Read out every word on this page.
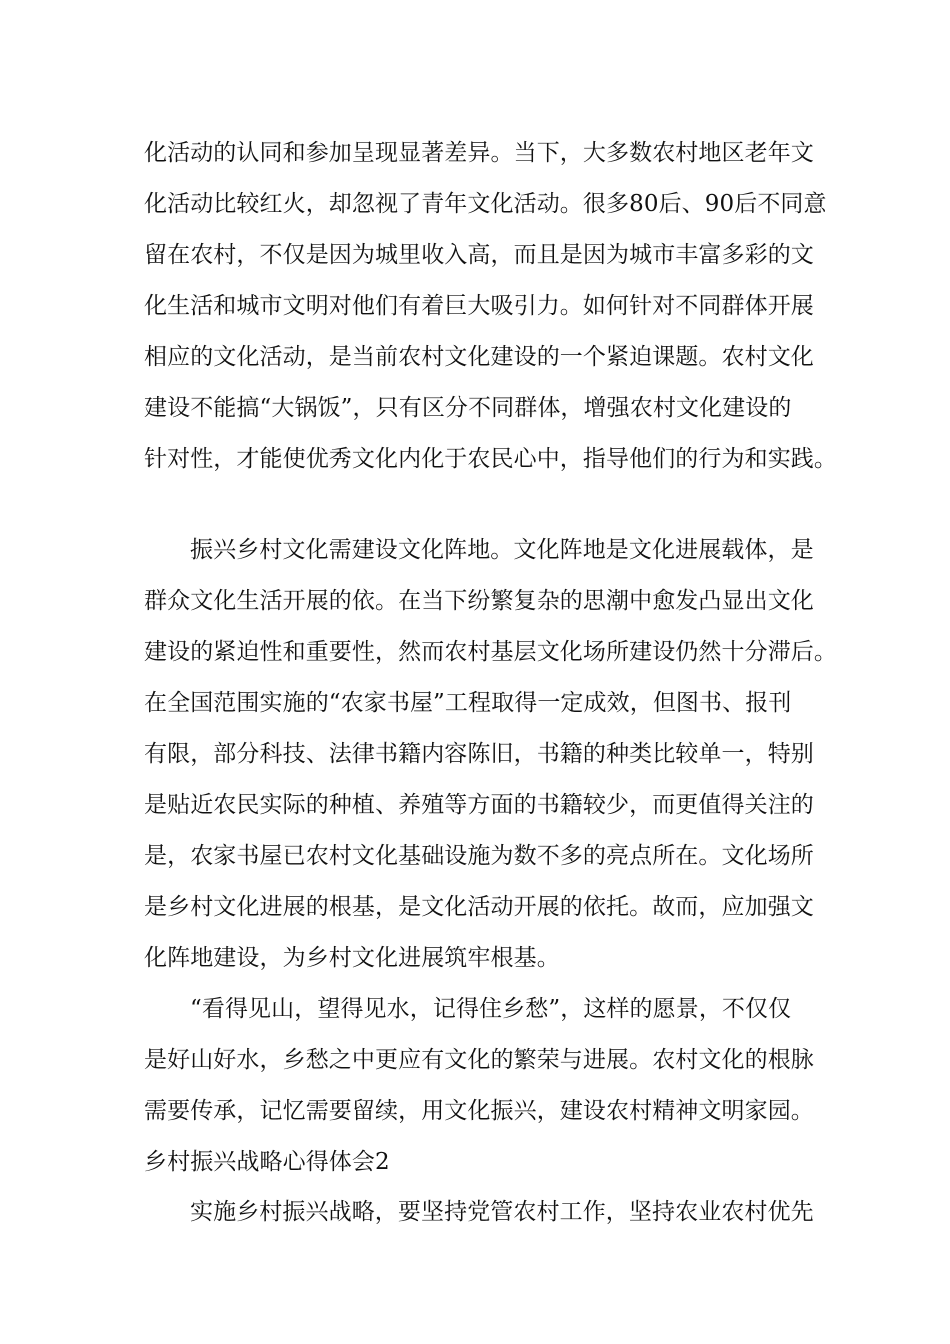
化活动的认同和参加呈现显著差异。当下，大多数农村地区老年文
化活动比较红火，却忽视了青年文化活动。很多80后、90后不同意
留在农村，不仅是因为城里收入高，而且是因为城市丰富多彩的文
化生活和城市文明对他们有着巨大吸引力。如何针对不同群体开展
相应的文化活动，是当前农村文化建设的一个紧迫课题。农村文化
建设不能搞“大锅饭”，只有区分不同群体，增强农村文化建设的
针对性，才能使优秀文化内化于农民心中，指导他们的行为和实践。
振兴乡村文化需建设文化阵地。文化阵地是文化进展载体，是
群众文化生活开展的依。在当下纷繁复杂的思潮中愈发凸显出文化
建设的紧迫性和重要性，然而农村基层文化场所建设仍然十分滞后。
在全国范围实施的“农家书屋”工程取得一定成效，但图书、报刊
有限，部分科技、法律书籍内容陈旧，书籍的种类比较单一，特别
是贴近农民实际的种植、养殖等方面的书籍较少，而更值得关注的
是，农家书屋已农村文化基础设施为数不多的亮点所在。文化场所
是乡村文化进展的根基，是文化活动开展的依托。故而，应加强文
化阵地建设，为乡村文化进展筑牢根基。
“看得见山，望得见水，记得住乡愁”，这样的愿景，不仅仅
是好山好水，乡愁之中更应有文化的繁荣与进展。农村文化的根脉
需要传承，记忆需要留续，用文化振兴，建设农村精神文明家园。
乡村振兴战略心得体会2
实施乡村振兴战略，要坚持党管农村工作，坚持农业农村优先
